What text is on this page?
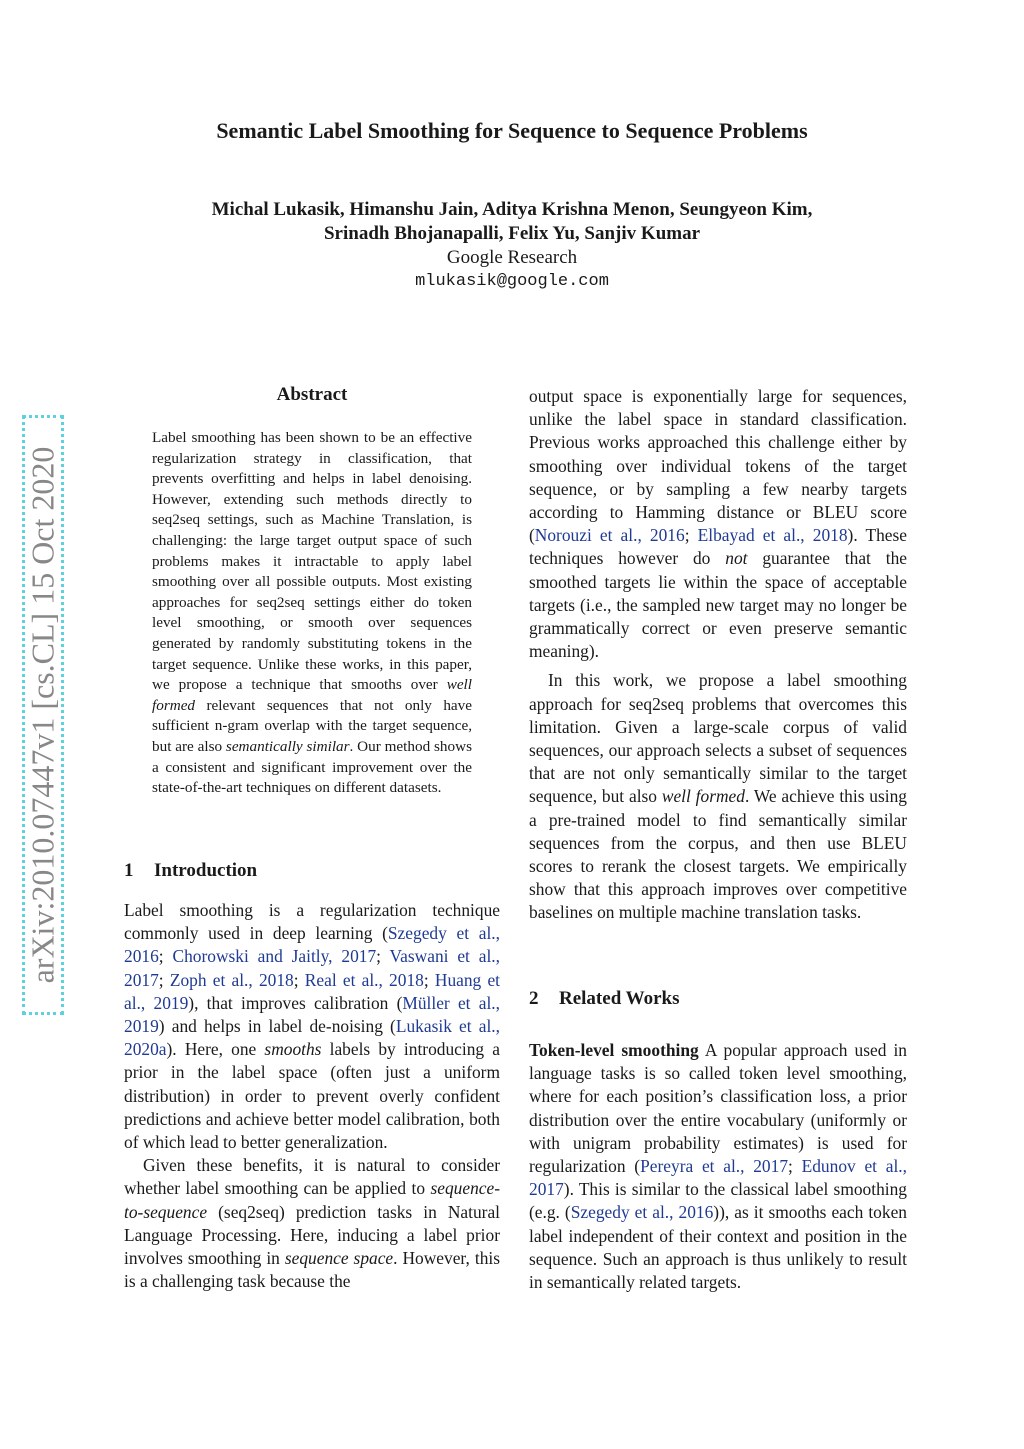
Semantic Label Smoothing for Sequence to Sequence Problems
Michal Lukasik, Himanshu Jain, Aditya Krishna Menon, Seungyeon Kim,
Srinadh Bhojanapalli, Felix Yu, Sanjiv Kumar
Google Research
mlukasik@google.com
arXiv:2010.07447v1 [cs.CL] 15 Oct 2020
Abstract

Label smoothing has been shown to be an effective regularization strategy in classification, that prevents overfitting and helps in label denoising. However, extending such methods directly to seq2seq settings, such as Machine Translation, is challenging: the large target output space of such problems makes it intractable to apply label smoothing over all possible outputs. Most existing approaches for seq2seq settings either do token level smoothing, or smooth over sequences generated by randomly substituting tokens in the target sequence. Unlike these works, in this paper, we propose a technique that smooths over well formed relevant sequences that not only have sufficient n-gram overlap with the target sequence, but are also semantically similar. Our method shows a consistent and significant improvement over the state-of-the-art techniques on different datasets.

1 Introduction

Label smoothing is a regularization technique commonly used in deep learning (Szegedy et al., 2016; Chorowski and Jaitly, 2017; Vaswani et al., 2017; Zoph et al., 2018; Real et al., 2018; Huang et al., 2019), that improves calibration (Müller et al., 2019) and helps in label de-noising (Lukasik et al., 2020a). Here, one smooths labels by introducing a prior in the label space (often just a uniform distribution) in order to prevent overly confident predictions and achieve better model calibration, both of which lead to better generalization.

Given these benefits, it is natural to consider whether label smoothing can be applied to sequence-to-sequence (seq2seq) prediction tasks in Natural Language Processing. Here, inducing a label prior involves smoothing in sequence space. However, this is a challenging task because the

output space is exponentially large for sequences, unlike the label space in standard classification. Previous works approached this challenge either by smoothing over individual tokens of the target sequence, or by sampling a few nearby targets according to Hamming distance or BLEU score (Norouzi et al., 2016; Elbayad et al., 2018). These techniques however do not guarantee that the smoothed targets lie within the space of acceptable targets (i.e., the sampled new target may no longer be grammatically correct or even preserve semantic meaning).

In this work, we propose a label smoothing approach for seq2seq problems that overcomes this limitation. Given a large-scale corpus of valid sequences, our approach selects a subset of sequences that are not only semantically similar to the target sequence, but also well formed. We achieve this using a pre-trained model to find semantically similar sequences from the corpus, and then use BLEU scores to rerank the closest targets. We empirically show that this approach improves over competitive baselines on multiple machine translation tasks.

2 Related Works

Token-level smoothing A popular approach used in language tasks is so called token level smoothing, where for each position’s classification loss, a prior distribution over the entire vocabulary (uniformly or with unigram probability estimates) is used for regularization (Pereyra et al., 2017; Edunov et al., 2017). This is similar to the classical label smoothing (e.g. (Szegedy et al., 2016)), as it smooths each token label independent of their context and position in the sequence. Such an approach is thus unlikely to result in semantically related targets.
